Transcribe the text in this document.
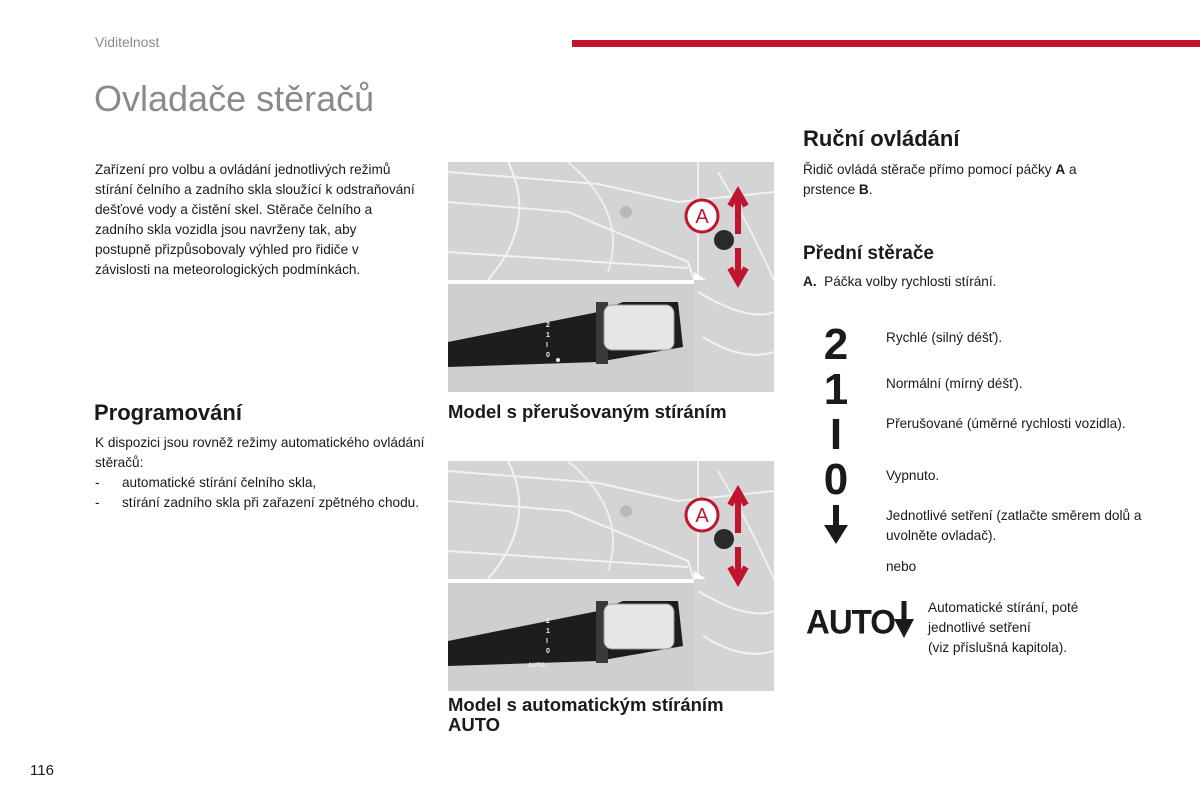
Viditelnost
Ovladače stěračů

Zařízení pro volbu a ovládání jednotlivých režimů stírání čelního a zadního skla sloužící k odstraňování dešťové vody a čistění skel. Stěrače čelního a zadního skla vozidla jsou navrženy tak, aby postupně přizpůsobovaly výhled pro řidiče v závislosti na meteorologických podmínkách.

Programování

K dispozici jsou rovněž režimy automatického ovládání stěračů:

- automatické stírání čelního skla,
- stírání zadního skla při zařazení zpětného chodu.
2
1
I
0
A
Model s přerušovaným stíráním
2
1
I
0
AUTO
A
Model s automatickým stíráním AUTO
Ruční ovládání

Řidič ovládá stěrače přímo pomocí páčky A a prstence B.

Přední stěrače

A. Páčka volby rychlosti stírání.

2	Rychlé (silný déšť).
1	Normální (mírný déšť).
I	Přerušované (úměrné rychlosti vozidla).
0	Vypnuto.
Jednotlivé setření (zatlačte směrem dolů a uvolněte ovladač).
nebo
AUTO Automatické stírání, poté
jednotlivé setření
(viz příslušná kapitola).
116
